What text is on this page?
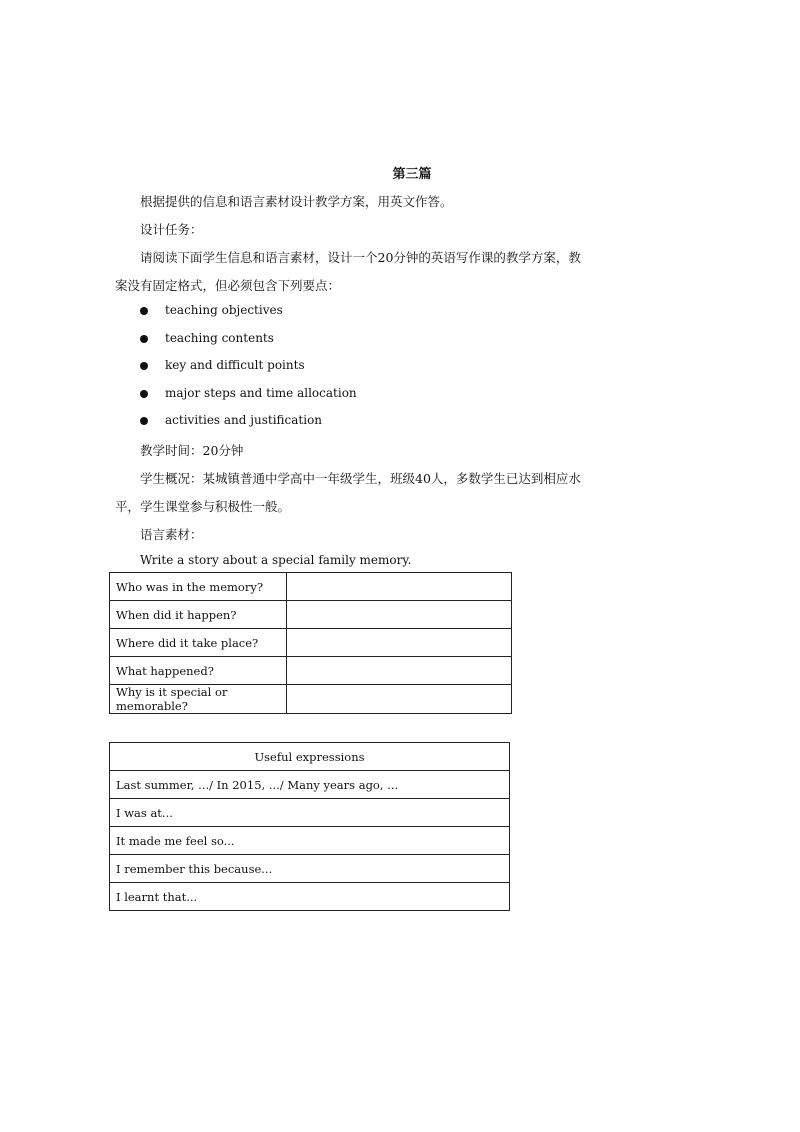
第三篇
根据提供的信息和语言素材设计教学方案，用英文作答。
设计任务：
请阅读下面学生信息和语言素材，设计一个20分钟的英语写作课的教学方案，教
案没有固定格式，但必须包含下列要点：
teaching objectives
teaching contents
key and difficult points
major steps and time allocation
activities and justification
教学时间：20分钟
学生概况：某城镇普通中学高中一年级学生，班级40人，多数学生已达到相应水
平，学生课堂参与积极性一般。
语言素材：
Write a story about a special family memory.
Who was in the memory?	
When did it happen?	
Where did it take place?	
What happened?	
Why is it special or memorable?	
Useful expressions
Last summer, .../ In 2015, .../ Many years ago, ...
I was at...
It made me feel so...
I remember this because...
I learnt that...
